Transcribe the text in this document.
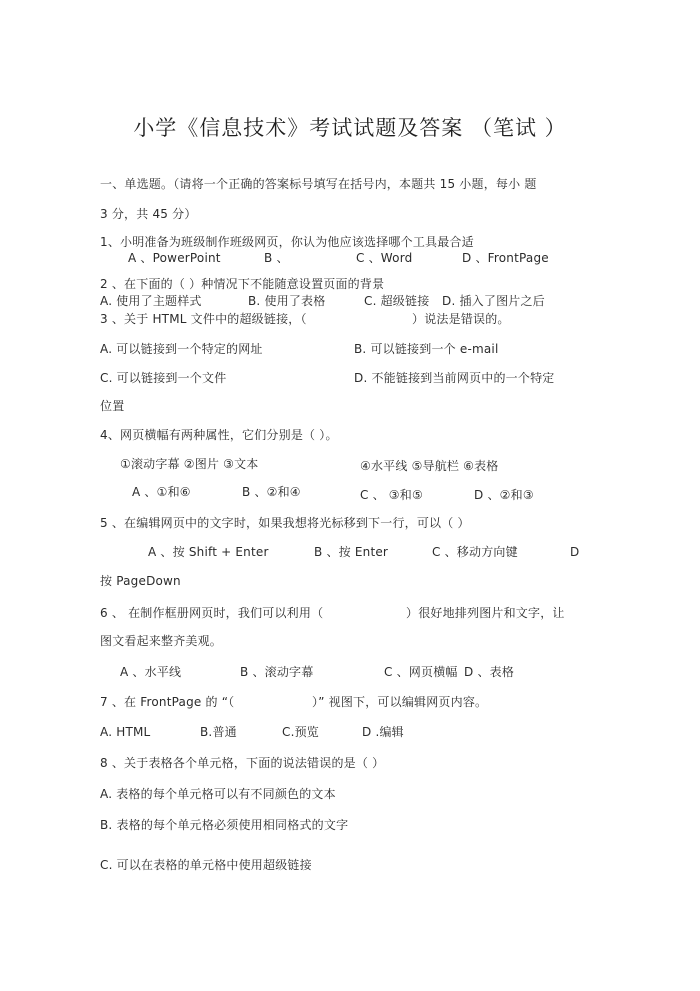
小学《信息技术》考试试题及答案 （笔试 ）
一、单选题。（请将一个正确的答案标号填写在括号内，本题共 15 小题，每小 题
3 分，共 45 分）
1、小明准备为班级制作班级网页，你认为他应该选择哪个工具最合适
A 、PowerPoint	B 、	C 、Word	D 、FrontPage
2 、在下面的（ ）种情况下不能随意设置页面的背景
A. 使用了主题样式	B. 使用了表格	C. 超级链接 D. 插入了图片之后
3 、关于 HTML 文件中的超级链接，（	）说法是错误的。
A. 可以链接到一个特定的网址	B. 可以链接到一个 e-mail
C. 可以链接到一个文件	D. 不能链接到当前网页中的一个特定
位置
4、网页横幅有两种属性，它们分别是（ ）。
①滚动字幕 ②图片 ③文本	④水平线 ⑤导航栏 ⑥表格
A 、①和⑥	B 、②和④	C 、 ③和⑤	D 、②和③
5 、在编辑网页中的文字时，如果我想将光标移到下一行，可以（ ）
A 、按 Shift + Enter	B 、按 Enter	C 、移动方向键	D
按 PageDown
6 、 在制作框册网页时，我们可以利用（	）很好地排列图片和文字，让
图文看起来整齐美观。
A 、水平线	B 、滚动字幕	C 、网页横幅 D 、表格
7 、在 FrontPage 的 “（	）” 视图下，可以编辑网页内容。
A. HTML	B.普通	C.预览	D .编辑
8 、关于表格各个单元格，下面的说法错误的是（ ）
A. 表格的每个单元格可以有不同颜色的文本
B. 表格的每个单元格必须使用相同格式的文字
C. 可以在表格的单元格中使用超级链接
